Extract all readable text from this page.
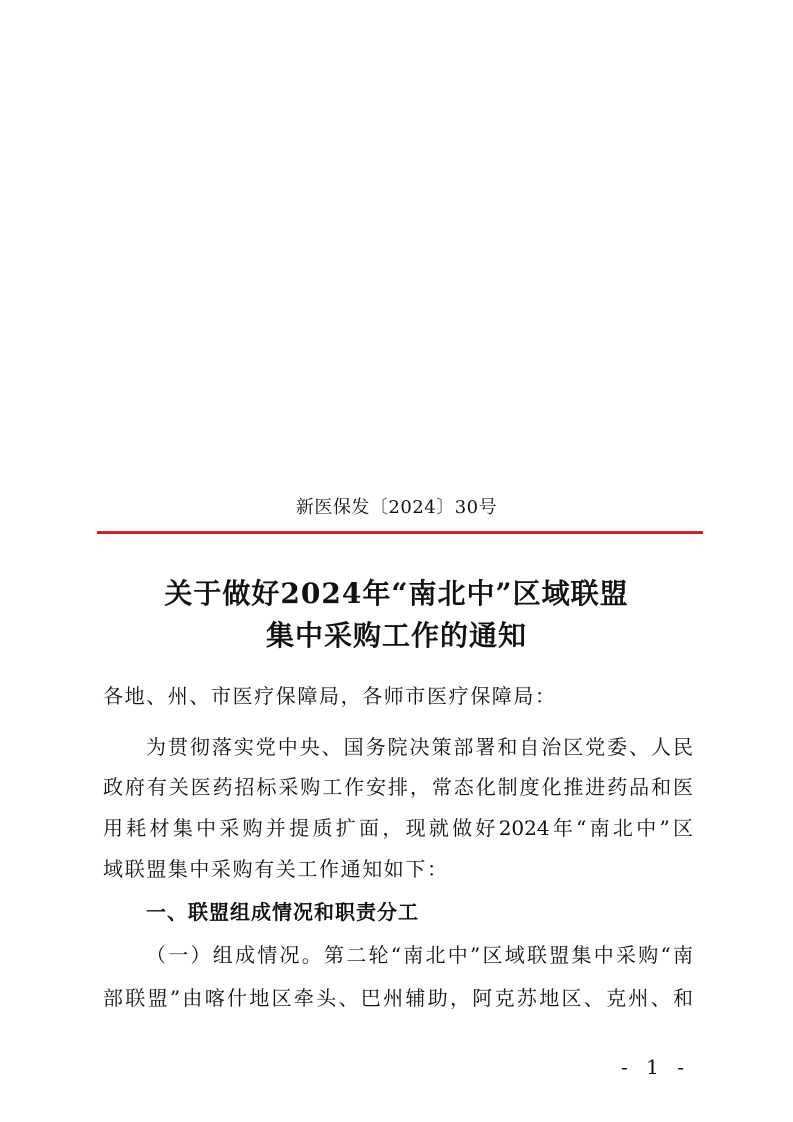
新医保发〔2024〕30号
关于做好2024年“南北中”区域联盟
集中采购工作的通知
各地、州、市医疗保障局，各师市医疗保障局：
为贯彻落实党中央、国务院决策部署和自治区党委、人民
政府有关医药招标采购工作安排，常态化制度化推进药品和医
用耗材集中采购并提质扩面，现就做好2024年“南北中”区
域联盟集中采购有关工作通知如下：
一、联盟组成情况和职责分工
（一）组成情况。第二轮“南北中”区域联盟集中采购“南
部联盟”由喀什地区牵头、巴州辅助，阿克苏地区、克州、和
- 1 -
